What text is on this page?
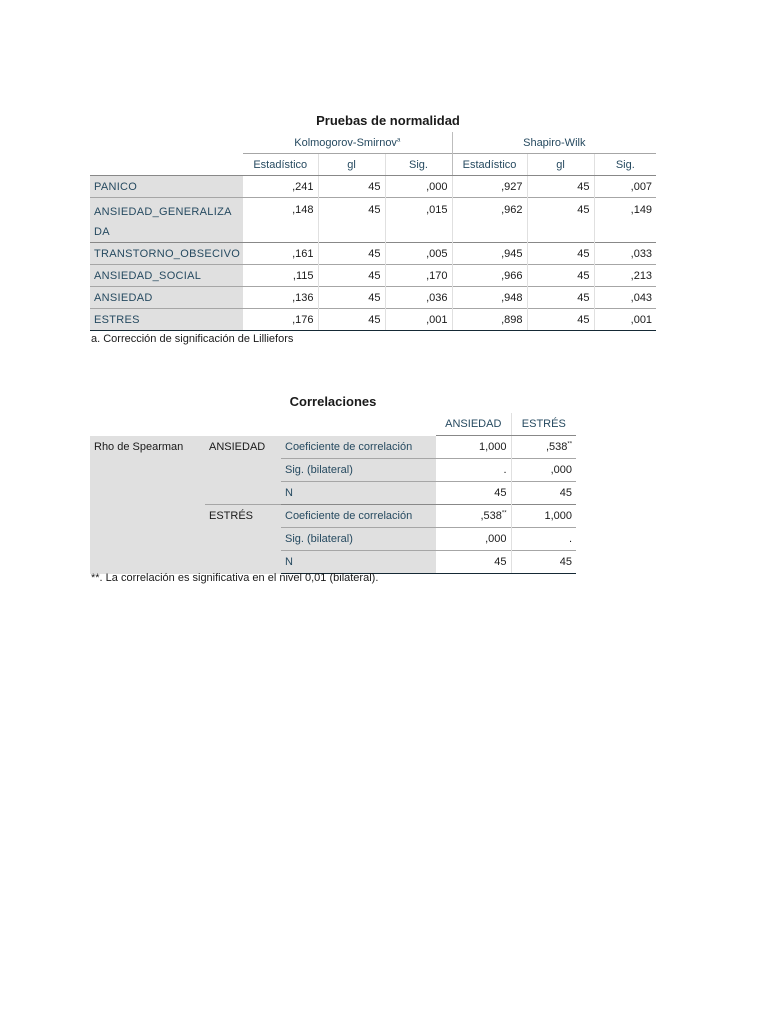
Pruebas de normalidad
	Kolmogorov-Smirnov$^a$			Shapiro-Wilk		
	Estadístico	gl	Sig.	Estadístico	gl	Sig.
PANICO	,241	45	,000	,927	45	,007
ANSIEDAD_GENERALIZADA	,148	45	,015	,962	45	,149
TRANSTORNO_OBSECIVO	,161	45	,005	,945	45	,033
ANSIEDAD_SOCIAL	,115	45	,170	,966	45	,213
ANSIEDAD	,136	45	,036	,948	45	,043
ESTRES	,176	45	,001	,898	45	,001
a. Corrección de significación de Lilliefors
Correlaciones
			ANSIEDAD	ESTRÉS
Rho de Spearman	ANSIEDAD	Coeficiente de correlación	1,000	,538**
		Sig. (bilateral)	.	,000
		N	45	45
	ESTRÉS	Coeficiente de correlación	,538**	1,000
		Sig. (bilateral)	,000	.
		N	45	45
**. La correlación es significativa en el nivel 0,01 (bilateral).
